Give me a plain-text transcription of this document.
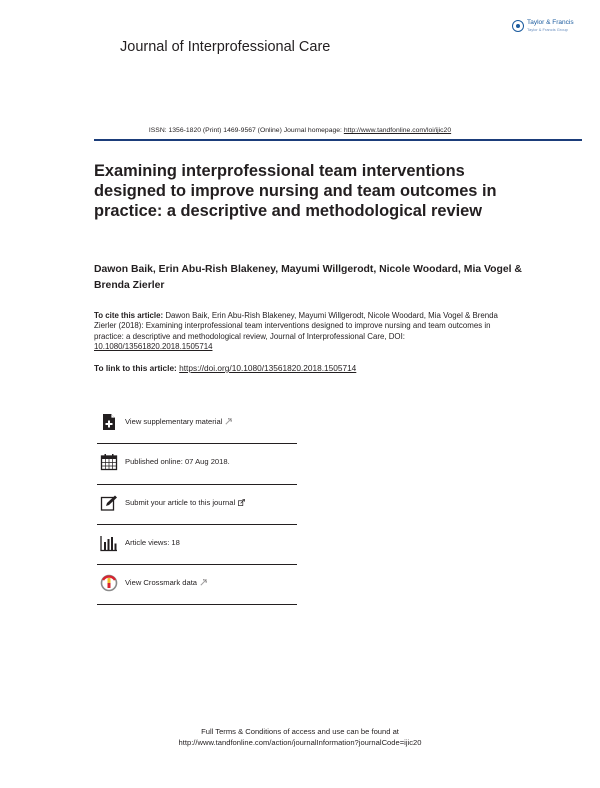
Journal of Interprofessional Care
Taylor & Francis
Taylor & Francis Group
ISSN: 1356-1820 (Print) 1469-9567 (Online) Journal homepage: http://www.tandfonline.com/loi/ijic20
Examining interprofessional team interventions designed to improve nursing and team outcomes in practice: a descriptive and methodological review
Dawon Baik, Erin Abu-Rish Blakeney, Mayumi Willgerodt, Nicole Woodard, Mia Vogel & Brenda Zierler
To cite this article: Dawon Baik, Erin Abu-Rish Blakeney, Mayumi Willgerodt, Nicole Woodard, Mia Vogel & Brenda Zierler (2018): Examining interprofessional team interventions designed to improve nursing and team outcomes in practice: a descriptive and methodological review, Journal of Interprofessional Care, DOI: 10.1080/13561820.2018.1505714
To link to this article: https://doi.org/10.1080/13561820.2018.1505714
View supplementary material
Published online: 07 Aug 2018.
Submit your article to this journal
Article views: 18
View Crossmark data
Full Terms & Conditions of access and use can be found at
http://www.tandfonline.com/action/journalInformation?journalCode=ijic20
